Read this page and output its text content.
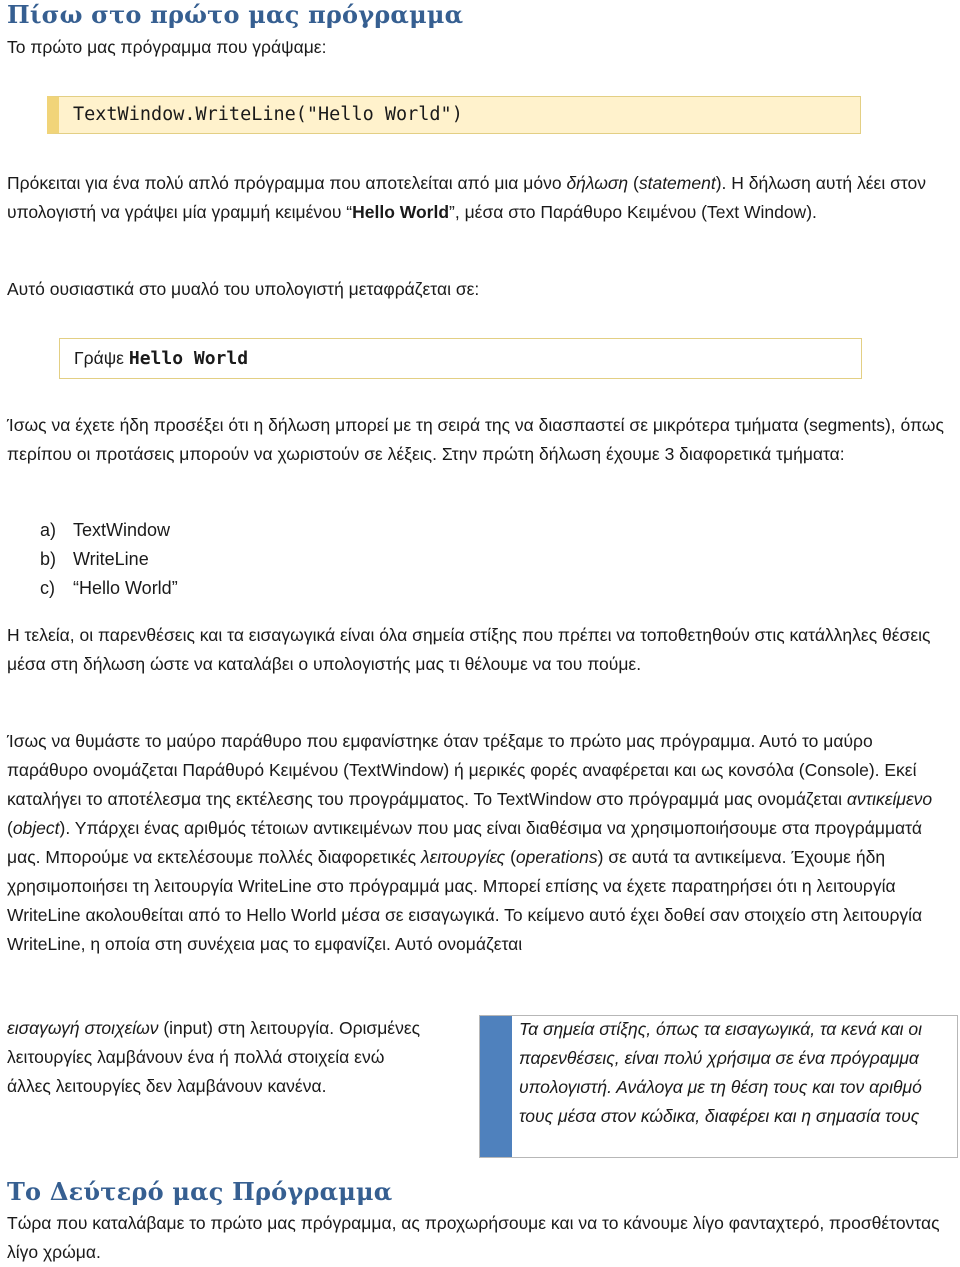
Πίσω στο πρώτο μας πρόγραμμα

Το πρώτο μας πρόγραμμα που γράψαμε:

TextWindow.WriteLine("Hello World")

Πρόκειται για ένα πολύ απλό πρόγραμμα που αποτελείται από μια μόνο δήλωση (statement). Η δήλωση αυτή λέει στον υπολογιστή να γράψει μία γραμμή κειμένου “Hello World”, μέσα στο Παράθυρο Κειμένου (Text Window).

Αυτό ουσιαστικά στο μυαλό του υπολογιστή μεταφράζεται σε:

Γράψε Hello World

Ίσως να έχετε ήδη προσέξει ότι η δήλωση μπορεί με τη σειρά της να διασπαστεί σε μικρότερα τμήματα (segments), όπως περίπου οι προτάσεις μπορούν να χωριστούν σε λέξεις. Στην πρώτη δήλωση έχουμε 3 διαφορετικά τμήματα:

a) TextWindow
b) WriteLine
c) “Hello World”

Η τελεία, οι παρενθέσεις και τα εισαγωγικά είναι όλα σημεία στίξης που πρέπει να τοποθετηθούν στις κατάλληλες θέσεις μέσα στη δήλωση ώστε να καταλάβει ο υπολογιστής μας τι θέλουμε να του πούμε.

Ίσως να θυμάστε το μαύρο παράθυρο που εμφανίστηκε όταν τρέξαμε το πρώτο μας πρόγραμμα. Αυτό το μαύρο παράθυρο ονομάζεται Παράθυρό Κειμένου (TextWindow) ή μερικές φορές αναφέρεται και ως κονσόλα (Console). Εκεί καταλήγει το αποτέλεσμα της εκτέλεσης του προγράμματος. Το TextWindow στο πρόγραμμά μας ονομάζεται αντικείμενο (object). Υπάρχει ένας αριθμός τέτοιων αντικειμένων που μας είναι διαθέσιμα να χρησιμοποιήσουμε στα προγράμματά μας. Μπορούμε να εκτελέσουμε πολλές διαφορετικές λειτουργίες (operations) σε αυτά τα αντικείμενα. Έχουμε ήδη χρησιμοποιήσει τη λειτουργία WriteLine στο πρόγραμμά μας. Μπορεί επίσης να έχετε παρατηρήσει ότι η λειτουργία WriteLine ακολουθείται από το Hello World μέσα σε εισαγωγικά. Το κείμενο αυτό έχει δοθεί σαν στοιχείο στη λειτουργία WriteLine, η οποία στη συνέχεια μας το εμφανίζει. Αυτό ονομάζεται

εισαγωγή στοιχείων (input) στη λειτουργία. Ορισμένες λειτουργίες λαμβάνουν ένα ή πολλά στοιχεία ενώ άλλες λειτουργίες δεν λαμβάνουν κανένα.

Τα σημεία στίξης, όπως τα εισαγωγικά, τα κενά και οι παρενθέσεις, είναι πολύ χρήσιμα σε ένα πρόγραμμα υπολογιστή. Ανάλογα με τη θέση τους και τον αριθμό τους μέσα στον κώδικα, διαφέρει και η σημασία τους
Το Δεύτερό μας Πρόγραμμα

Τώρα που καταλάβαμε το πρώτο μας πρόγραμμα, ας προχωρήσουμε και να το κάνουμε λίγο φανταχτερό, προσθέτοντας λίγο χρώμα.
